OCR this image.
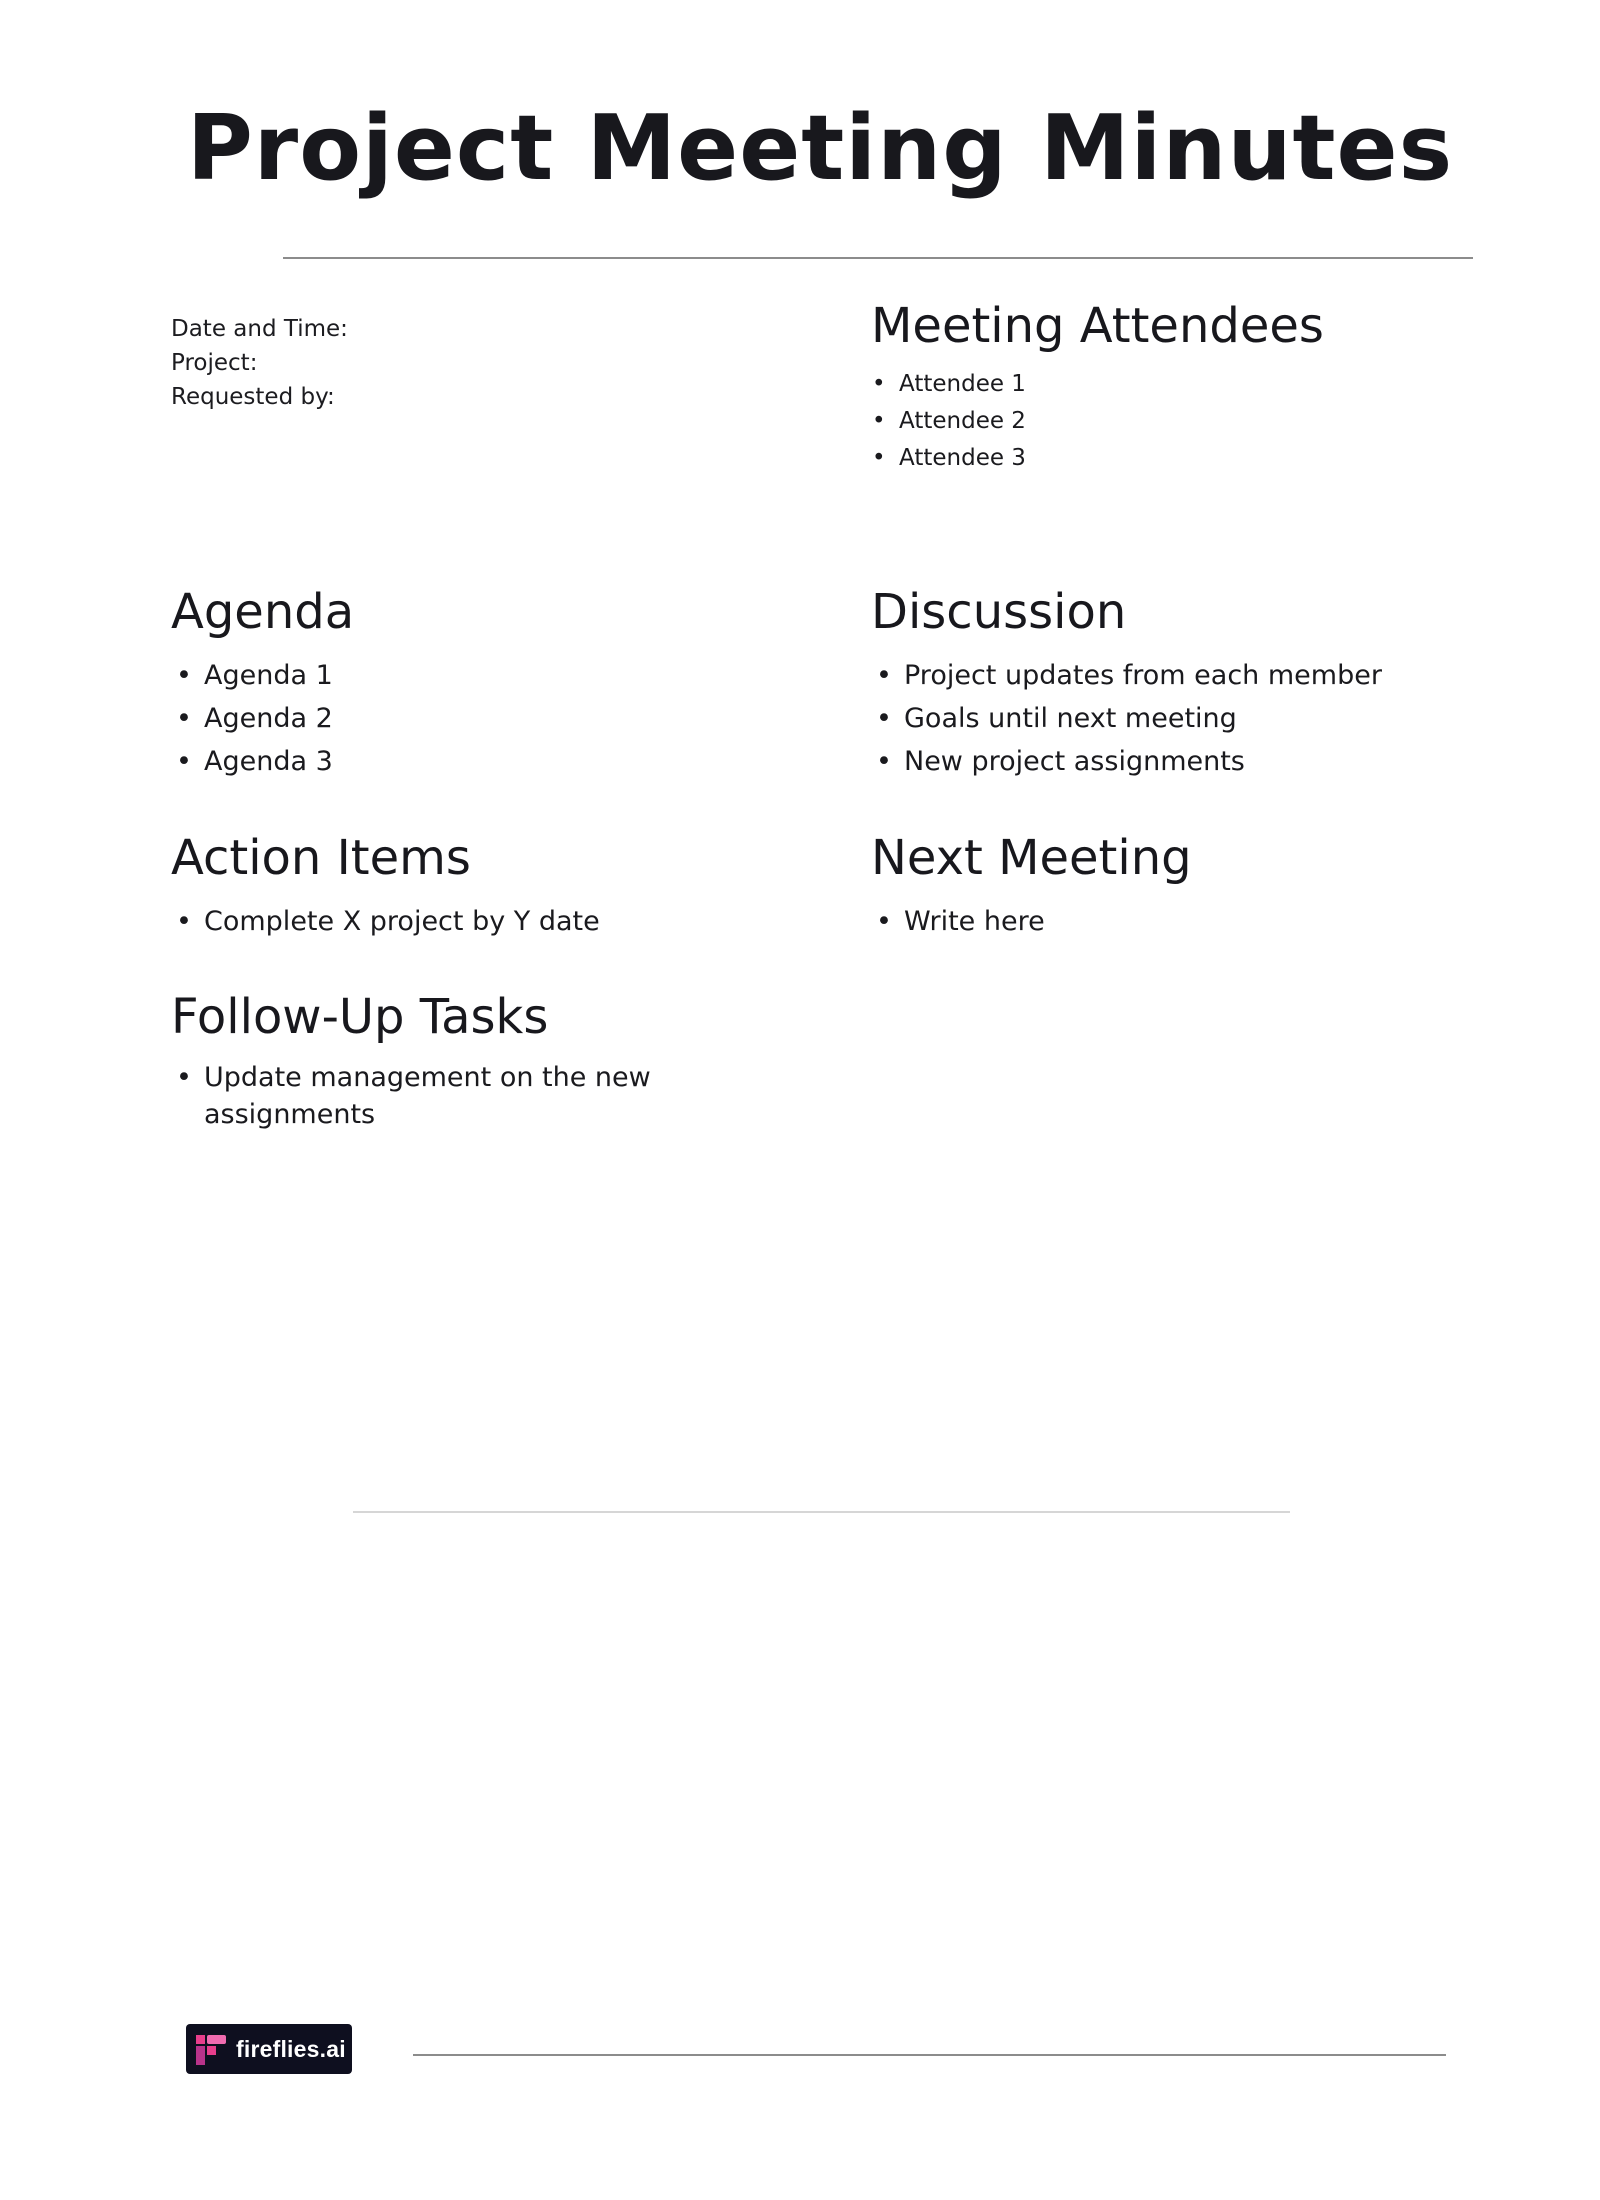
Project Meeting Minutes
Date and Time:
Project:
Requested by:
Meeting Attendees
• Attendee 1
• Attendee 2
• Attendee 3
Agenda
• Agenda 1
• Agenda 2
• Agenda 3
Discussion
• Project updates from each member
• Goals until next meeting
• New project assignments
Action Items
• Complete X project by Y date
Next Meeting
• Write here
Follow-Up Tasks
• Update management on the new assignments
fireflies.ai
